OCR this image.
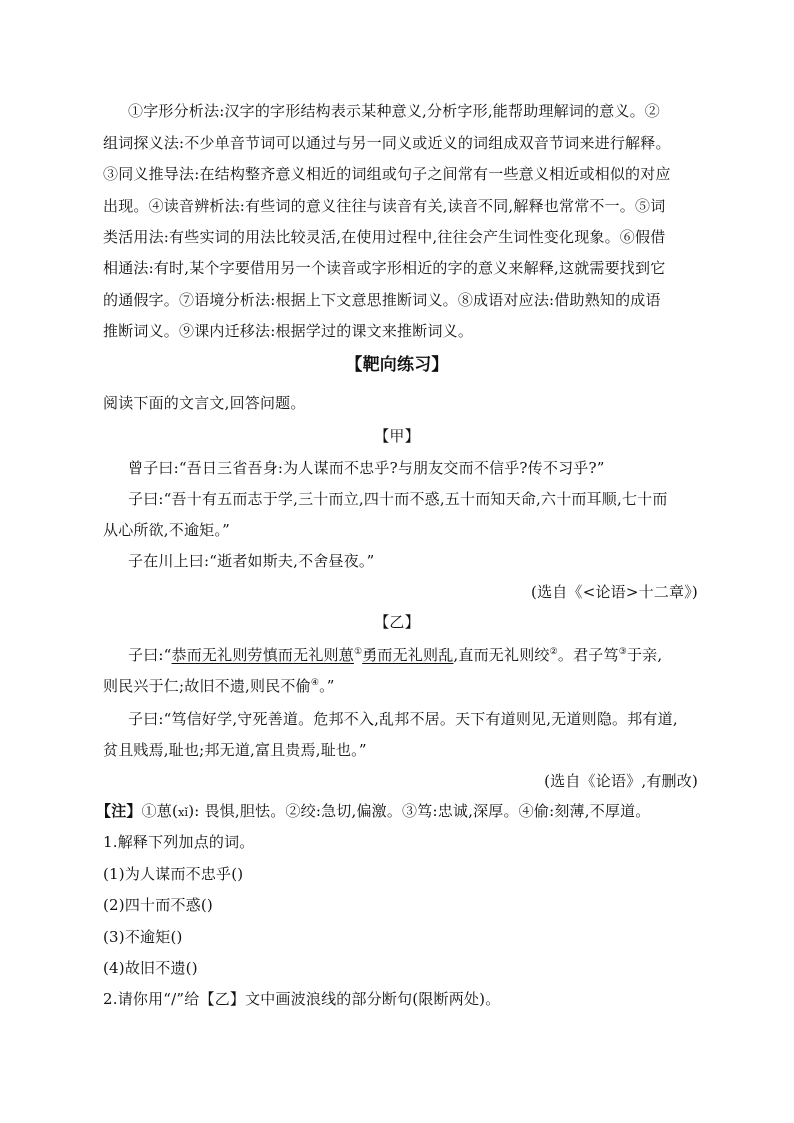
①字形分析法:汉字的字形结构表示某种意义,分析字形,能帮助理解词的意义。②
组词探义法:不少单音节词可以通过与另一同义或近义的词组成双音节词来进行解释。
③同义推导法:在结构整齐意义相近的词组或句子之间常有一些意义相近或相似的对应
出现。④读音辨析法:有些词的意义往往与读音有关,读音不同,解释也常常不一。⑤词
类活用法:有些实词的用法比较灵活,在使用过程中,往往会产生词性变化现象。⑥假借
相通法:有时,某个字要借用另一个读音或字形相近的字的意义来解释,这就需要找到它
的通假字。⑦语境分析法:根据上下文意思推断词义。⑧成语对应法:借助熟知的成语
推断词义。⑨课内迁移法:根据学过的课文来推断词义。
【靶向练习】
阅读下面的文言文,回答问题。
【甲】
曾子曰:“吾日三省吾身:为人谋而不忠乎?与朋友交而不信乎?传不习乎?”
子曰:“吾十有五而志于学,三十而立,四十而不惑,五十而知天命,六十而耳顺,七十而
从心所欲,不逾矩。”
子在川上曰:“逝者如斯夫,不舍昼夜。”
(选自《<论语>十二章》)
【乙】
子曰:“恭而无礼则劳慎而无礼则葸①勇而无礼则乱,直而无礼则绞②。君子笃③于亲,
则民兴于仁;故旧不遗,则民不偷④。”
子曰:“笃信好学,守死善道。危邦不入,乱邦不居。天下有道则见,无道则隐。邦有道,
贫且贱焉,耻也;邦无道,富且贵焉,耻也。”
(选自《论语》,有删改)
【注】①葸(xǐ): 畏惧,胆怯。②绞:急切,偏激。③笃:忠诚,深厚。④偷:刻薄,不厚道。
1.解释下列加点的词。
(1)为人谋而不忠乎()
(2)四十而不惑()
(3)不逾矩()
(4)故旧不遗()
2.请你用“/”给【乙】文中画波浪线的部分断句(限断两处)。
